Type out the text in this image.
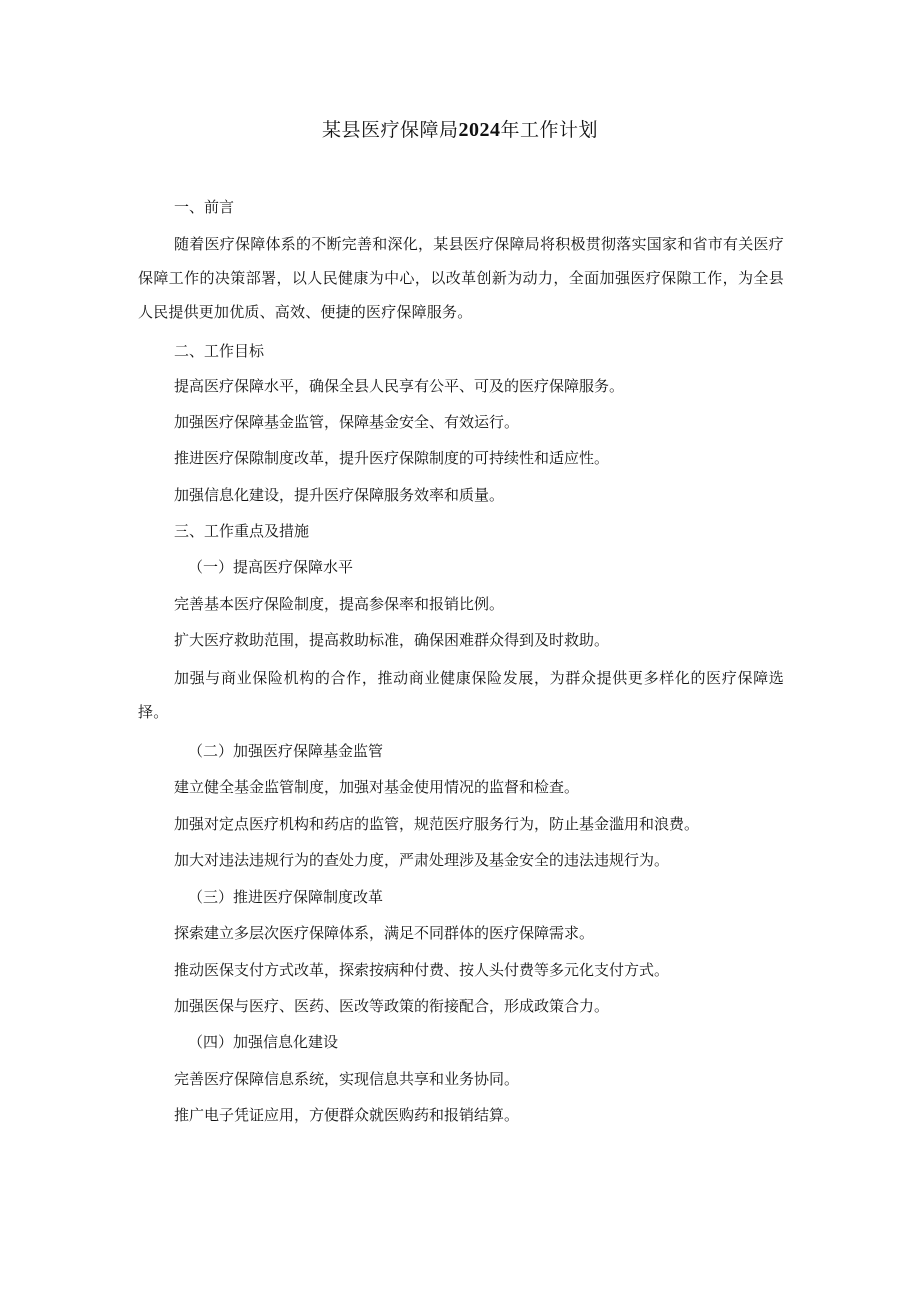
某县医疗保障局2024年工作计划
一、前言
随着医疗保障体系的不断完善和深化，某县医疗保障局将积极贯彻落实国家和省市有关医疗保障工作的决策部署，以人民健康为中心，以改革创新为动力，全面加强医疗保隙工作，为全县人民提供更加优质、高效、便捷的医疗保障服务。
二、工作目标
提高医疗保障水平，确保全县人民享有公平、可及的医疗保障服务。
加强医疗保障基金监管，保障基金安全、有效运行。
推进医疗保隙制度改革，提升医疗保隙制度的可持续性和适应性。
加强信息化建设，提升医疗保障服务效率和质量。
三、工作重点及措施
（一）提高医疗保障水平
完善基本医疗保险制度，提高参保率和报销比例。
扩大医疗救助范围，提高救助标准，确保困难群众得到及时救助。
加强与商业保险机构的合作，推动商业健康保险发展，为群众提供更多样化的医疗保障选择。
（二）加强医疗保障基金监管
建立健全基金监管制度，加强对基金使用情况的监督和检查。
加强对定点医疗机构和药店的监管，规范医疗服务行为，防止基金滥用和浪费。
加大对违法违规行为的查处力度，严肃处理涉及基金安全的违法违规行为。
（三）推进医疗保障制度改革
探索建立多层次医疗保障体系，满足不同群体的医疗保障需求。
推动医保支付方式改革，探索按病种付费、按人头付费等多元化支付方式。
加强医保与医疗、医药、医改等政策的衔接配合，形成政策合力。
（四）加强信息化建设
完善医疗保障信息系统，实现信息共享和业务协同。
推广电子凭证应用，方便群众就医购药和报销结算。
